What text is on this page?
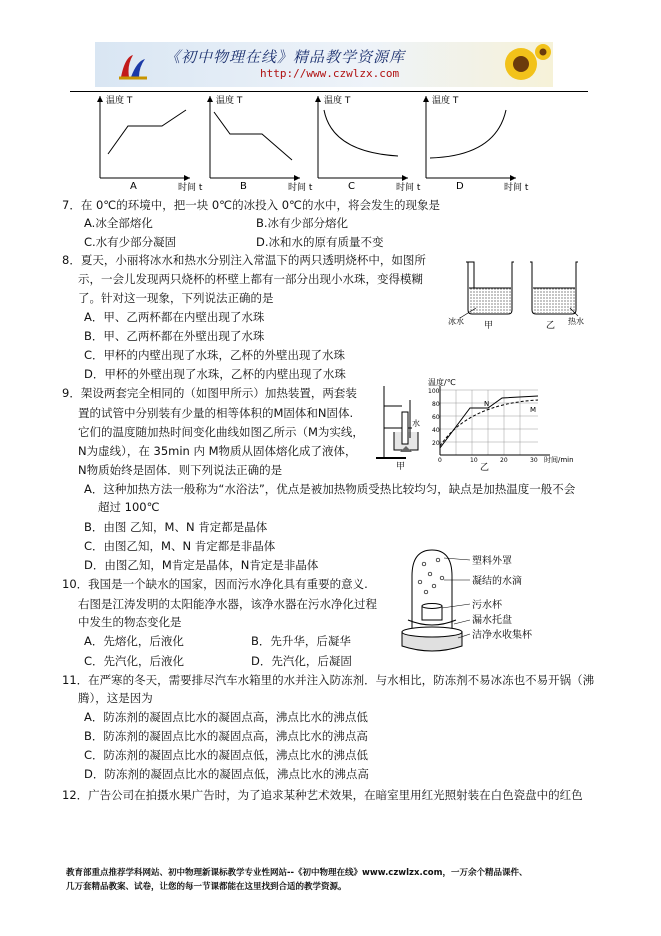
《初中物理在线》精品教学资源库
http://www.czwlzx.com
温度 T
时间 t
A
温度 T
时间 t
B
温度 T
时间 t
C
温度 T
时间 t
D
7．在 0℃的环境中，把一块 0℃的冰投入 0℃的水中，将会发生的现象是
A.冰全部熔化	B.冰有少部分熔化
C.水有少部分凝固	D.冰和水的原有质量不变
8．夏天，小丽将冰水和热水分别注入常温下的两只透明烧杯中，如图所
示，一会儿发现两只烧杯的杯壁上都有一部分出现小水珠，变得模糊
了。针对这一现象，下列说法正确的是
A．甲、乙两杯都在内壁出现了水珠
B．甲、乙两杯都在外壁出现了水珠
C．甲杯的内壁出现了水珠，乙杯的外壁出现了水珠
D．甲杯的外壁出现了水珠，乙杯的内壁出现了水珠
冰水 甲	热水
乙
9．架设两套完全相同的（如图甲所示）加热装置，两套装
置的试管中分别装有少量的相等体积的M固体和N固体.
它们的温度随加热时间变化曲线如图乙所示（M为实线，
N为虚线），在 35min 内 M物质从固体熔化成了液体，
N物质始终是固体．则下列说法正确的是
A．这种加热方法一般称为“水浴法”，优点是被加热物质受热比较均匀，缺点是加热温度一般不会
超过 100℃
B．由图 乙知，M、N 肯定都是晶体
C．由图乙知，M、N 肯定都是非晶体
D．由图乙知，M肯定是晶体，N肯定是非晶体
水
甲
温度/℃
100
80
60
40
20
0	10	20	30 时间/min
N
M
乙
10．我国是一个缺水的国家，因而污水净化具有重要的意义.
右图是江涛发明的太阳能净水器，该净水器在污水净化过程
中发生的物态变化是
A．先熔化，后液化	B．先升华，后凝华
C．先汽化，后液化	D．先汽化，后凝固
塑料外罩
凝结的水滴
污水杯
漏水托盘
洁净水收集杯
11．在严寒的冬天，需要排尽汽车水箱里的水并注入防冻剂．与水相比，防冻剂不易冰冻也不易开锅（沸
腾），这是因为
A．防冻剂的凝固点比水的凝固点高，沸点比水的沸点低
B．防冻剂的凝固点比水的凝固点高，沸点比水的沸点高
C．防冻剂的凝固点比水的凝固点低，沸点比水的沸点低
D．防冻剂的凝固点比水的凝固点低，沸点比水的沸点高
12．广告公司在拍摄水果广告时，为了追求某种艺术效果，在暗室里用红光照射装在白色瓷盘中的红色
教育部重点推荐学科网站、初中物理新课标教学专业性网站--《初中物理在线》www.czwlzx.com，一万余个精品课件、
几万套精品教案、试卷，让您的每一节课都能在这里找到合适的教学资源。
